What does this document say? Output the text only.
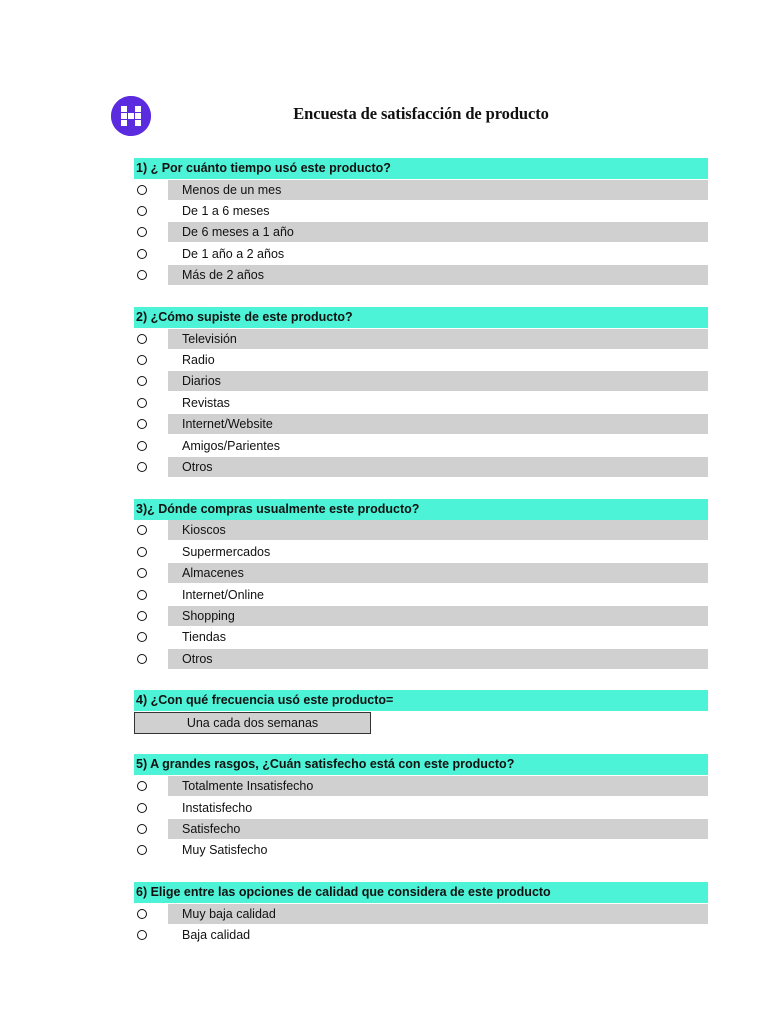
Encuesta de satisfacción de producto
1) ¿ Por cuánto tiempo usó este producto?
Menos de un mes
De 1 a 6 meses
De 6 meses a 1 año
De 1 año a 2 años
Más de 2 años
2) ¿Cómo supiste de este producto?
Televisión
Radio
Diarios
Revistas
Internet/Website
Amigos/Parientes
Otros
3)¿ Dónde compras usualmente este producto?
Kioscos
Supermercados
Almacenes
Internet/Online
Shopping
Tiendas
Otros
4) ¿Con qué frecuencia usó este producto=
Una cada dos semanas
5) A grandes rasgos, ¿Cuán satisfecho está con este producto?
Totalmente Insatisfecho
Instatisfecho
Satisfecho
Muy Satisfecho
6) Elige entre las opciones de calidad que considera de este producto
Muy baja calidad
Baja calidad
